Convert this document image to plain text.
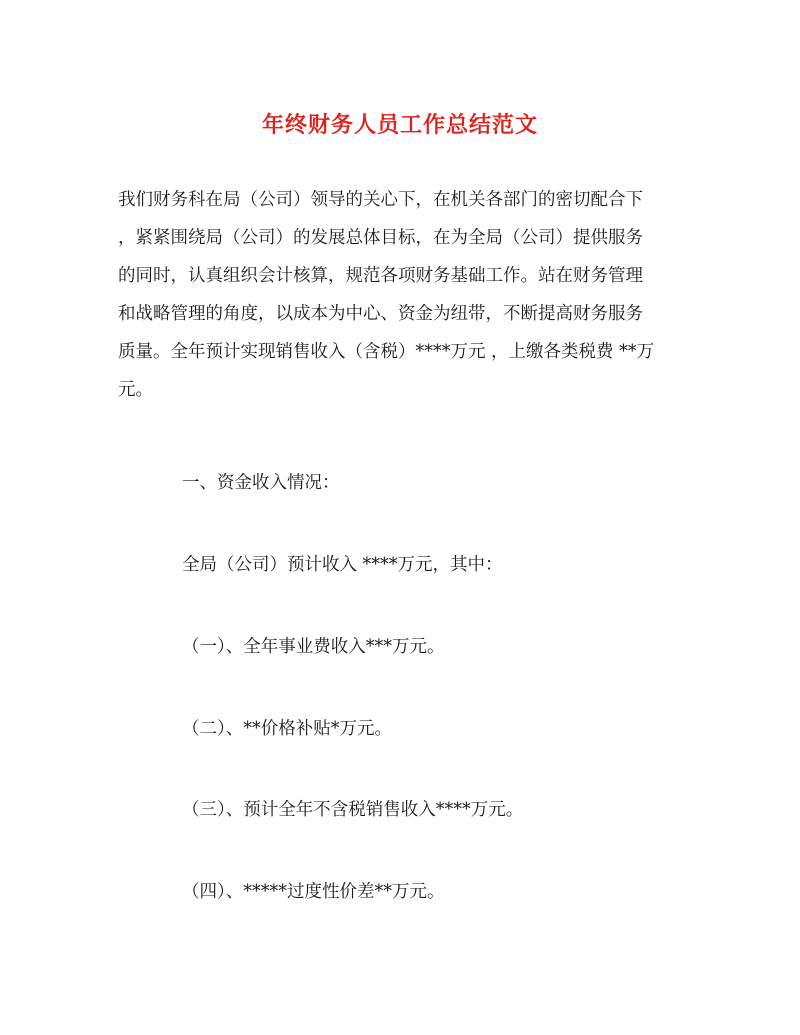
年终财务人员工作总结范文
我们财务科在局（公司）领导的关心下，在机关各部门的密切配合下
，紧紧围绕局（公司）的发展总体目标，在为全局（公司）提供服务
的同时，认真组织会计核算，规范各项财务基础工作。站在财务管理
和战略管理的角度，以成本为中心、资金为纽带，不断提高财务服务
质量。全年预计实现销售收入（含税）****万元 ，上缴各类税费 **万
元。
一、资金收入情况：
全局（公司）预计收入 ****万元，其中：
（一）、全年事业费收入***万元。
（二）、**价格补贴*万元。
（三）、预计全年不含税销售收入****万元。
（四）、*****过度性价差**万元。
